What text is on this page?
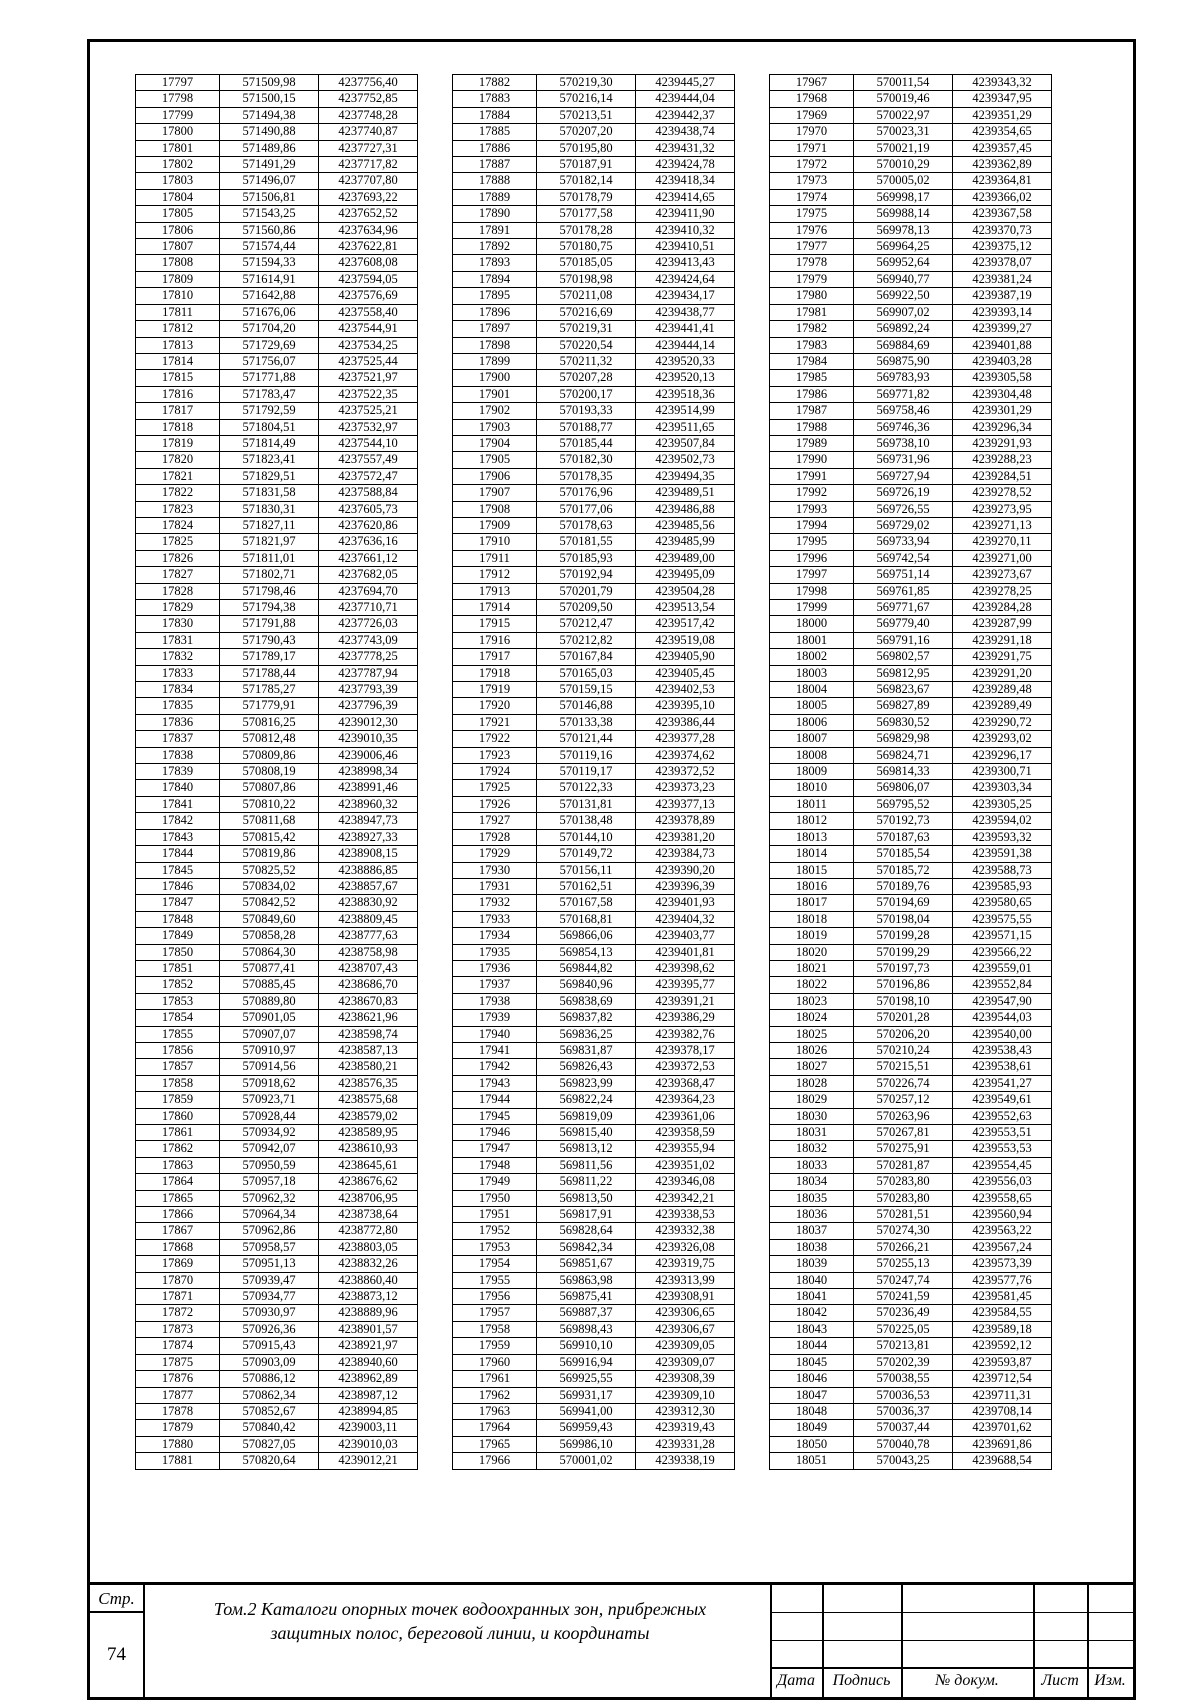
17797	571509,98	4237756,40
17798	571500,15	4237752,85
17799	571494,38	4237748,28
17800	571490,88	4237740,87
17801	571489,86	4237727,31
17802	571491,29	4237717,82
17803	571496,07	4237707,80
17804	571506,81	4237693,22
17805	571543,25	4237652,52
17806	571560,86	4237634,96
17807	571574,44	4237622,81
17808	571594,33	4237608,08
17809	571614,91	4237594,05
17810	571642,88	4237576,69
17811	571676,06	4237558,40
17812	571704,20	4237544,91
17813	571729,69	4237534,25
17814	571756,07	4237525,44
17815	571771,88	4237521,97
17816	571783,47	4237522,35
17817	571792,59	4237525,21
17818	571804,51	4237532,97
17819	571814,49	4237544,10
17820	571823,41	4237557,49
17821	571829,51	4237572,47
17822	571831,58	4237588,84
17823	571830,31	4237605,73
17824	571827,11	4237620,86
17825	571821,97	4237636,16
17826	571811,01	4237661,12
17827	571802,71	4237682,05
17828	571798,46	4237694,70
17829	571794,38	4237710,71
17830	571791,88	4237726,03
17831	571790,43	4237743,09
17832	571789,17	4237778,25
17833	571788,44	4237787,94
17834	571785,27	4237793,39
17835	571779,91	4237796,39
17836	570816,25	4239012,30
17837	570812,48	4239010,35
17838	570809,86	4239006,46
17839	570808,19	4238998,34
17840	570807,86	4238991,46
17841	570810,22	4238960,32
17842	570811,68	4238947,73
17843	570815,42	4238927,33
17844	570819,86	4238908,15
17845	570825,52	4238886,85
17846	570834,02	4238857,67
17847	570842,52	4238830,92
17848	570849,60	4238809,45
17849	570858,28	4238777,63
17850	570864,30	4238758,98
17851	570877,41	4238707,43
17852	570885,45	4238686,70
17853	570889,80	4238670,83
17854	570901,05	4238621,96
17855	570907,07	4238598,74
17856	570910,97	4238587,13
17857	570914,56	4238580,21
17858	570918,62	4238576,35
17859	570923,71	4238575,68
17860	570928,44	4238579,02
17861	570934,92	4238589,95
17862	570942,07	4238610,93
17863	570950,59	4238645,61
17864	570957,18	4238676,62
17865	570962,32	4238706,95
17866	570964,34	4238738,64
17867	570962,86	4238772,80
17868	570958,57	4238803,05
17869	570951,13	4238832,26
17870	570939,47	4238860,40
17871	570934,77	4238873,12
17872	570930,97	4238889,96
17873	570926,36	4238901,57
17874	570915,43	4238921,97
17875	570903,09	4238940,60
17876	570886,12	4238962,89
17877	570862,34	4238987,12
17878	570852,67	4238994,85
17879	570840,42	4239003,11
17880	570827,05	4239010,03
17881	570820,64	4239012,21
17882	570219,30	4239445,27
17883	570216,14	4239444,04
17884	570213,51	4239442,37
17885	570207,20	4239438,74
17886	570195,80	4239431,32
17887	570187,91	4239424,78
17888	570182,14	4239418,34
17889	570178,79	4239414,65
17890	570177,58	4239411,90
17891	570178,28	4239410,32
17892	570180,75	4239410,51
17893	570185,05	4239413,43
17894	570198,98	4239424,64
17895	570211,08	4239434,17
17896	570216,69	4239438,77
17897	570219,31	4239441,41
17898	570220,54	4239444,14
17899	570211,32	4239520,33
17900	570207,28	4239520,13
17901	570200,17	4239518,36
17902	570193,33	4239514,99
17903	570188,77	4239511,65
17904	570185,44	4239507,84
17905	570182,30	4239502,73
17906	570178,35	4239494,35
17907	570176,96	4239489,51
17908	570177,06	4239486,88
17909	570178,63	4239485,56
17910	570181,55	4239485,99
17911	570185,93	4239489,00
17912	570192,94	4239495,09
17913	570201,79	4239504,28
17914	570209,50	4239513,54
17915	570212,47	4239517,42
17916	570212,82	4239519,08
17917	570167,84	4239405,90
17918	570165,03	4239405,45
17919	570159,15	4239402,53
17920	570146,88	4239395,10
17921	570133,38	4239386,44
17922	570121,44	4239377,28
17923	570119,16	4239374,62
17924	570119,17	4239372,52
17925	570122,33	4239373,23
17926	570131,81	4239377,13
17927	570138,48	4239378,89
17928	570144,10	4239381,20
17929	570149,72	4239384,73
17930	570156,11	4239390,20
17931	570162,51	4239396,39
17932	570167,58	4239401,93
17933	570168,81	4239404,32
17934	569866,06	4239403,77
17935	569854,13	4239401,81
17936	569844,82	4239398,62
17937	569840,96	4239395,77
17938	569838,69	4239391,21
17939	569837,82	4239386,29
17940	569836,25	4239382,76
17941	569831,87	4239378,17
17942	569826,43	4239372,53
17943	569823,99	4239368,47
17944	569822,24	4239364,23
17945	569819,09	4239361,06
17946	569815,40	4239358,59
17947	569813,12	4239355,94
17948	569811,56	4239351,02
17949	569811,22	4239346,08
17950	569813,50	4239342,21
17951	569817,91	4239338,53
17952	569828,64	4239332,38
17953	569842,34	4239326,08
17954	569851,67	4239319,75
17955	569863,98	4239313,99
17956	569875,41	4239308,91
17957	569887,37	4239306,65
17958	569898,43	4239306,67
17959	569910,10	4239309,05
17960	569916,94	4239309,07
17961	569925,55	4239308,39
17962	569931,17	4239309,10
17963	569941,00	4239312,30
17964	569959,43	4239319,43
17965	569986,10	4239331,28
17966	570001,02	4239338,19
17967	570011,54	4239343,32
17968	570019,46	4239347,95
17969	570022,97	4239351,29
17970	570023,31	4239354,65
17971	570021,19	4239357,45
17972	570010,29	4239362,89
17973	570005,02	4239364,81
17974	569998,17	4239366,02
17975	569988,14	4239367,58
17976	569978,13	4239370,73
17977	569964,25	4239375,12
17978	569952,64	4239378,07
17979	569940,77	4239381,24
17980	569922,50	4239387,19
17981	569907,02	4239393,14
17982	569892,24	4239399,27
17983	569884,69	4239401,88
17984	569875,90	4239403,28
17985	569783,93	4239305,58
17986	569771,82	4239304,48
17987	569758,46	4239301,29
17988	569746,36	4239296,34
17989	569738,10	4239291,93
17990	569731,96	4239288,23
17991	569727,94	4239284,51
17992	569726,19	4239278,52
17993	569726,55	4239273,95
17994	569729,02	4239271,13
17995	569733,94	4239270,11
17996	569742,54	4239271,00
17997	569751,14	4239273,67
17998	569761,85	4239278,25
17999	569771,67	4239284,28
18000	569779,40	4239287,99
18001	569791,16	4239291,18
18002	569802,57	4239291,75
18003	569812,95	4239291,20
18004	569823,67	4239289,48
18005	569827,89	4239289,49
18006	569830,52	4239290,72
18007	569829,98	4239293,02
18008	569824,71	4239296,17
18009	569814,33	4239300,71
18010	569806,07	4239303,34
18011	569795,52	4239305,25
18012	570192,73	4239594,02
18013	570187,63	4239593,32
18014	570185,54	4239591,38
18015	570185,72	4239588,73
18016	570189,76	4239585,93
18017	570194,69	4239580,65
18018	570198,04	4239575,55
18019	570199,28	4239571,15
18020	570199,29	4239566,22
18021	570197,73	4239559,01
18022	570196,86	4239552,84
18023	570198,10	4239547,90
18024	570201,28	4239544,03
18025	570206,20	4239540,00
18026	570210,24	4239538,43
18027	570215,51	4239538,61
18028	570226,74	4239541,27
18029	570257,12	4239549,61
18030	570263,96	4239552,63
18031	570267,81	4239553,51
18032	570275,91	4239553,53
18033	570281,87	4239554,45
18034	570283,80	4239556,03
18035	570283,80	4239558,65
18036	570281,51	4239560,94
18037	570274,30	4239563,22
18038	570266,21	4239567,24
18039	570255,13	4239573,39
18040	570247,74	4239577,76
18041	570241,59	4239581,45
18042	570236,49	4239584,55
18043	570225,05	4239589,18
18044	570213,81	4239592,12
18045	570202,39	4239593,87
18046	570038,55	4239712,54
18047	570036,53	4239711,31
18048	570036,37	4239708,14
18049	570037,44	4239701,62
18050	570040,78	4239691,86
18051	570043,25	4239688,54
Стр.
74
Том.2 Каталоги опорных точек водоохранных зон, прибрежных
защитных полос, береговой линии, и координаты
Дата	Подпись	№ докум.	Лист Изм.
